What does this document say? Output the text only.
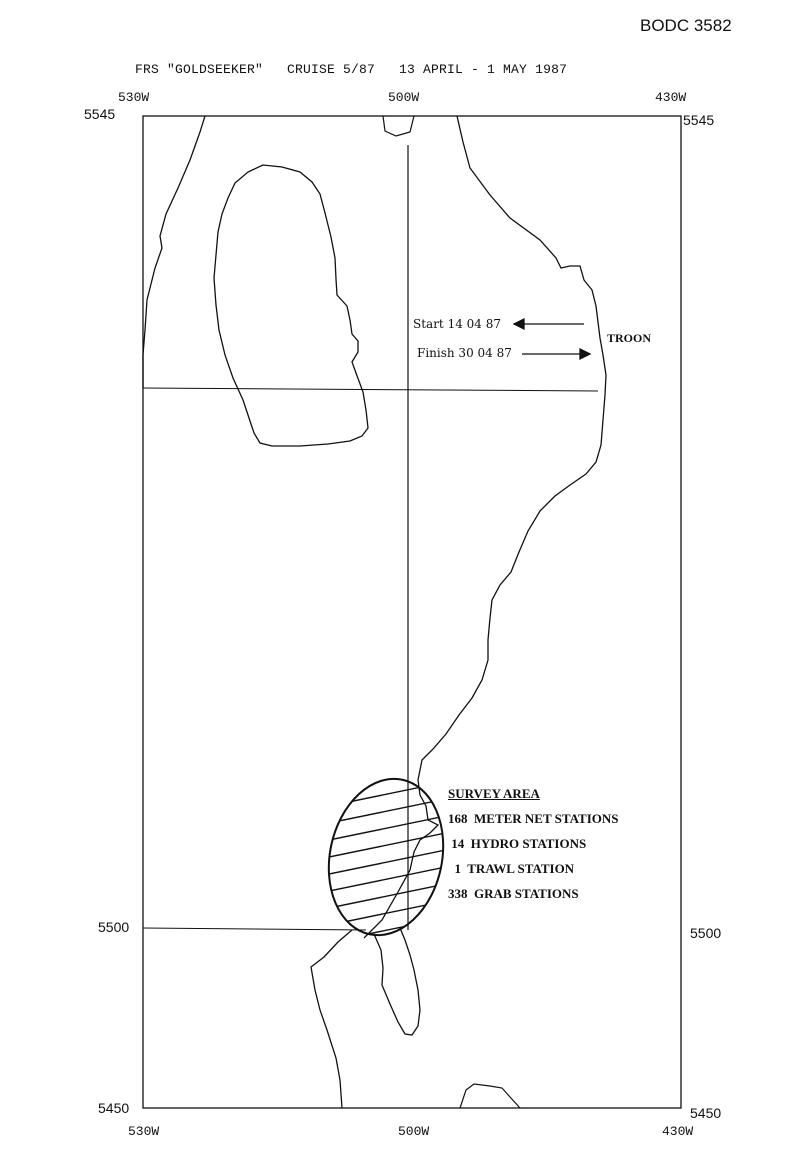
BODC 3582
FRS "GOLDSEEKER"   CRUISE 5/87   13 APRIL - 1 MAY 1987
530W	500W	430W
5545
5500
5450
5545
5500
5450
530W	500W	430W
Start 14 04 87
Finish 30 04 87
TROON
SURVEY AREA
168  METER NET STATIONS
14  HYDRO STATIONS
1  TRAWL STATION
338  GRAB STATIONS
